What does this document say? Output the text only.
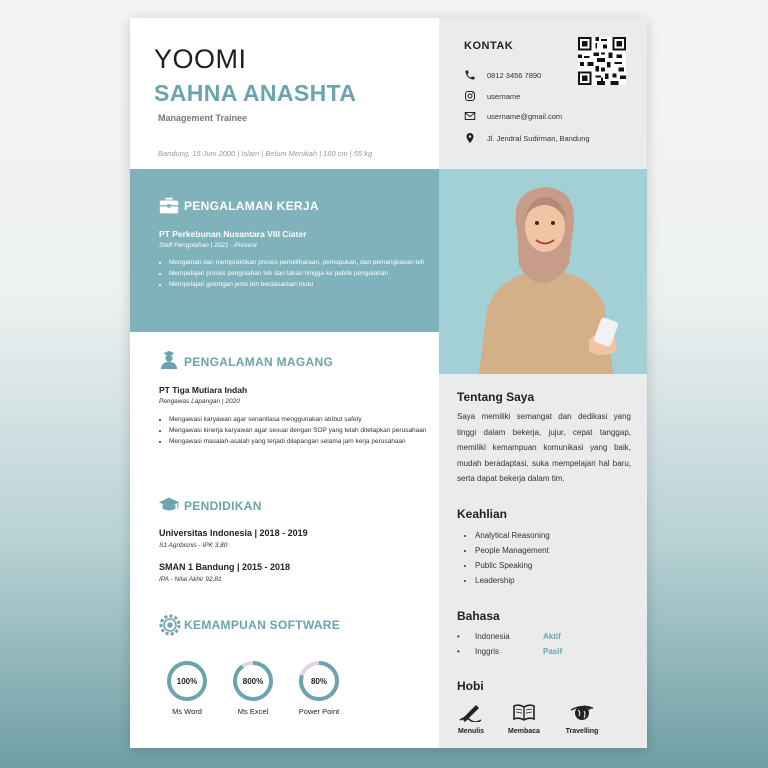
YOOMI
SAHNA ANASHTA
Management Trainee
Bandung, 15 Juni 2000 | Islam | Belum Menikah | 160 cm | 55 kg
KONTAK
0812 3456 7890
username
username@gmail.com
Jl. Jendral Sudirman, Bandung
PENGALAMAN KERJA
PT Perkebunan Nusantara VIII Ciater
Staff Pengolahan | 2021 - Present
• Mengamati dan mempraktikan proses pemeliharaan, pemupukan, dan pemangkasan teh
• Mempelajari proses pengolahan teh dari lahan hingga ke pabrik pengolahan
• Mempelajari golongan jenis teh berdasarkan mutu
PENGALAMAN MAGANG
PT Tiga Mutiara Indah
Pengawas Lapangan | 2020
• Mengawasi karyawan agar senantiasa menggunakan atribut safety
• Mengawasi kinerja karyawan agar sesuai dengan SOP yang telah ditetapkan perusahaan
• Mengawasi masalah-asalah yang terjadi dilapangan selama jam kerja perusahaan
PENDIDIKAN
Universitas Indonesia | 2018 - 2019
S1 Agribisnis - IPK 3,80
SMAN 1 Bandung | 2015 - 2018
IPA - Nilai Akhir 92,81
KEMAMPUAN SOFTWARE
100%
Ms Word
800%
Ms Excel
80%
Power Point
Tentang Saya
Saya memiliki semangat dan dedikasi yang tinggi dalam bekerja, jujur, cepat tanggap, memiliki kemampuan komunikasi yang baik, mudah beradaptasi, suka mempelajari hal baru, serta dapat bekerja dalam tim.
Keahlian
• Analytical Reasoning
• People Management
• Public Speaking
• Leadership
Bahasa
•	Indonesia	Aktif
•	Inggris	Pasif
Hobi
Menulis	Membaca	Travelling
